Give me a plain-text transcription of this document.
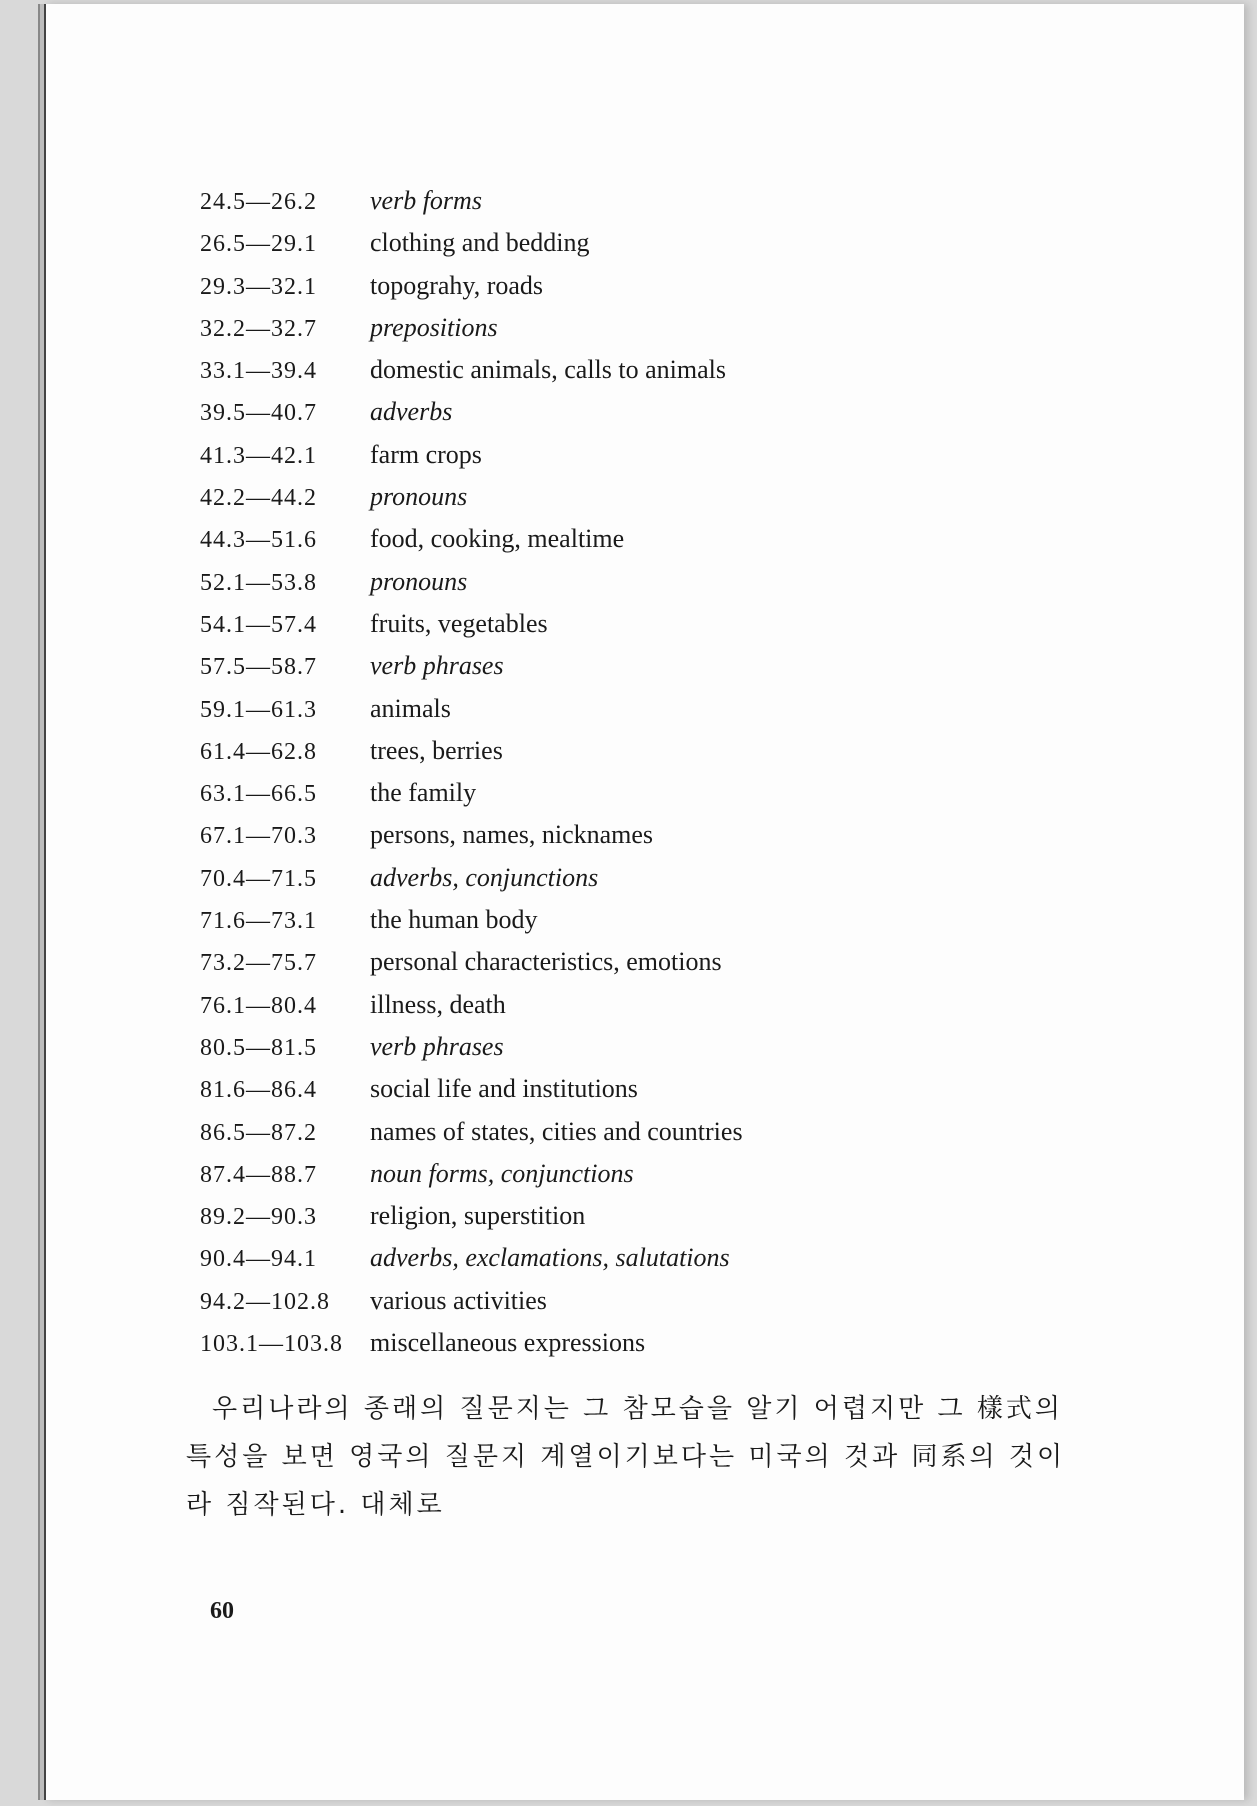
24.5—26.2	verb forms
26.5—29.1	clothing and bedding
29.3—32.1	topograhy, roads
32.2—32.7	prepositions
33.1—39.4	domestic animals, calls to animals
39.5—40.7	adverbs
41.3—42.1	farm crops
42.2—44.2	pronouns
44.3—51.6	food, cooking, mealtime
52.1—53.8	pronouns
54.1—57.4	fruits, vegetables
57.5—58.7	verb phrases
59.1—61.3	animals
61.4—62.8	trees, berries
63.1—66.5	the family
67.1—70.3	persons, names, nicknames
70.4—71.5	adverbs, conjunctions
71.6—73.1	the human body
73.2—75.7	personal characteristics, emotions
76.1—80.4	illness, death
80.5—81.5	verb phrases
81.6—86.4	social life and institutions
86.5—87.2	names of states, cities and countries
87.4—88.7	noun forms, conjunctions
89.2—90.3	religion, superstition
90.4—94.1	adverbs, exclamations, salutations
94.2—102.8	various activities
103.1—103.8	miscellaneous expressions

우리나라의 종래의 질문지는 그 참모습을 알기 어렵지만 그 樣式의

특성을 보면 영국의 질문지 계열이기보다는 미국의 것과 同系의 것이

라 짐작된다. 대체로

60
